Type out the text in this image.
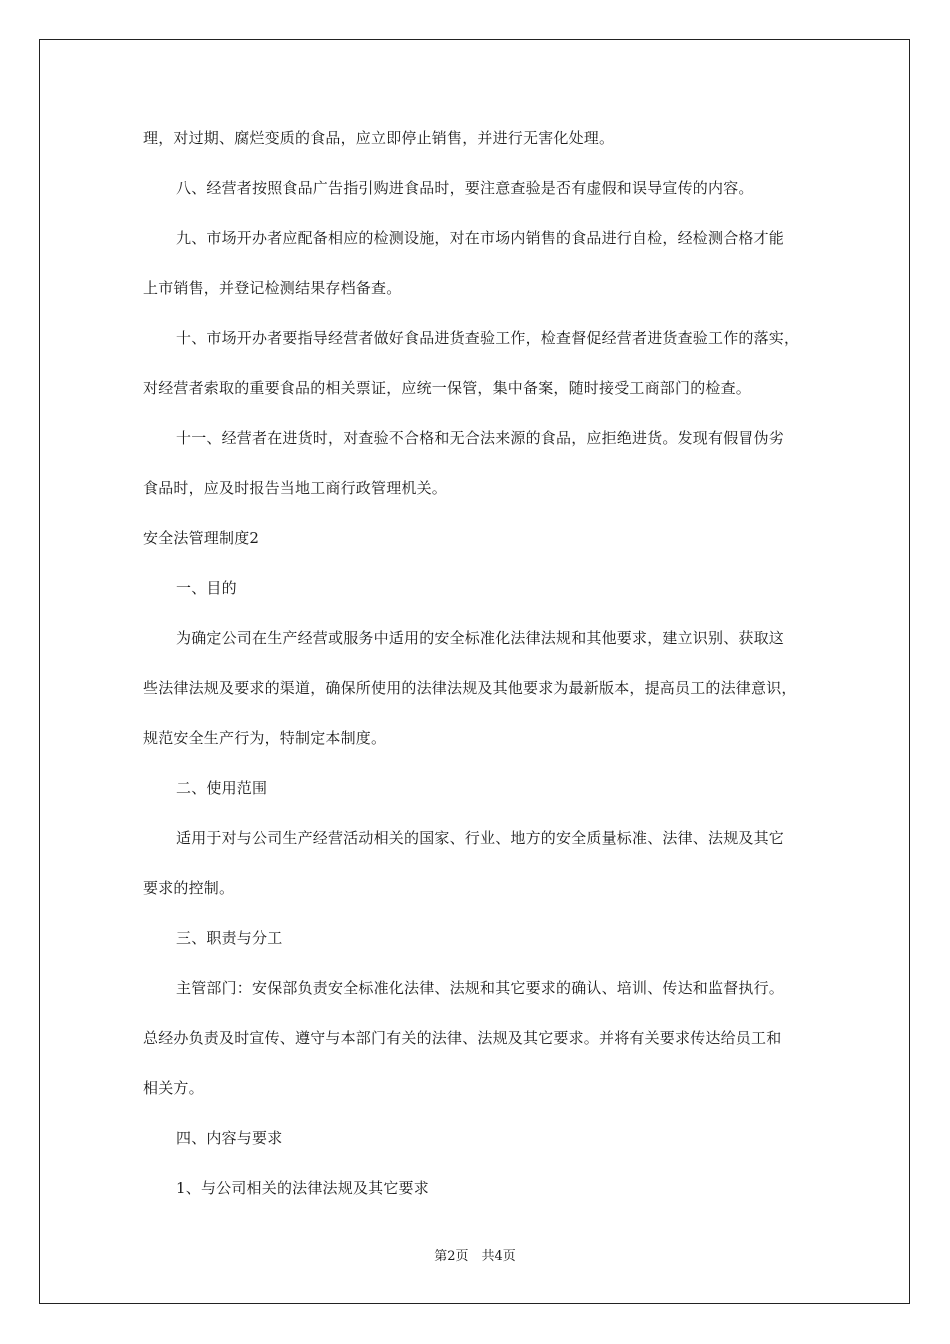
理，对过期、腐烂变质的食品，应立即停止销售，并进行无害化处理。
八、经营者按照食品广告指引购进食品时，要注意查验是否有虚假和误导宣传的内容。
九、市场开办者应配备相应的检测设施，对在市场内销售的食品进行自检，经检测合格才能
上市销售，并登记检测结果存档备查。
十、市场开办者要指导经营者做好食品进货查验工作，检查督促经营者进货查验工作的落实，
对经营者索取的重要食品的相关票证，应统一保管，集中备案，随时接受工商部门的检查。
十一、经营者在进货时，对查验不合格和无合法来源的食品，应拒绝进货。发现有假冒伪劣
食品时，应及时报告当地工商行政管理机关。
安全法管理制度2
一、目的
为确定公司在生产经营或服务中适用的安全标准化法律法规和其他要求，建立识别、获取这
些法律法规及要求的渠道，确保所使用的法律法规及其他要求为最新版本，提高员工的法律意识，
规范安全生产行为，特制定本制度。
二、使用范围
适用于对与公司生产经营活动相关的国家、行业、地方的安全质量标准、法律、法规及其它
要求的控制。
三、职责与分工
主管部门：安保部负责安全标准化法律、法规和其它要求的确认、培训、传达和监督执行。
总经办负责及时宣传、遵守与本部门有关的法律、法规及其它要求。并将有关要求传达给员工和
相关方。
四、内容与要求
1、与公司相关的法律法规及其它要求
第2页　共4页
